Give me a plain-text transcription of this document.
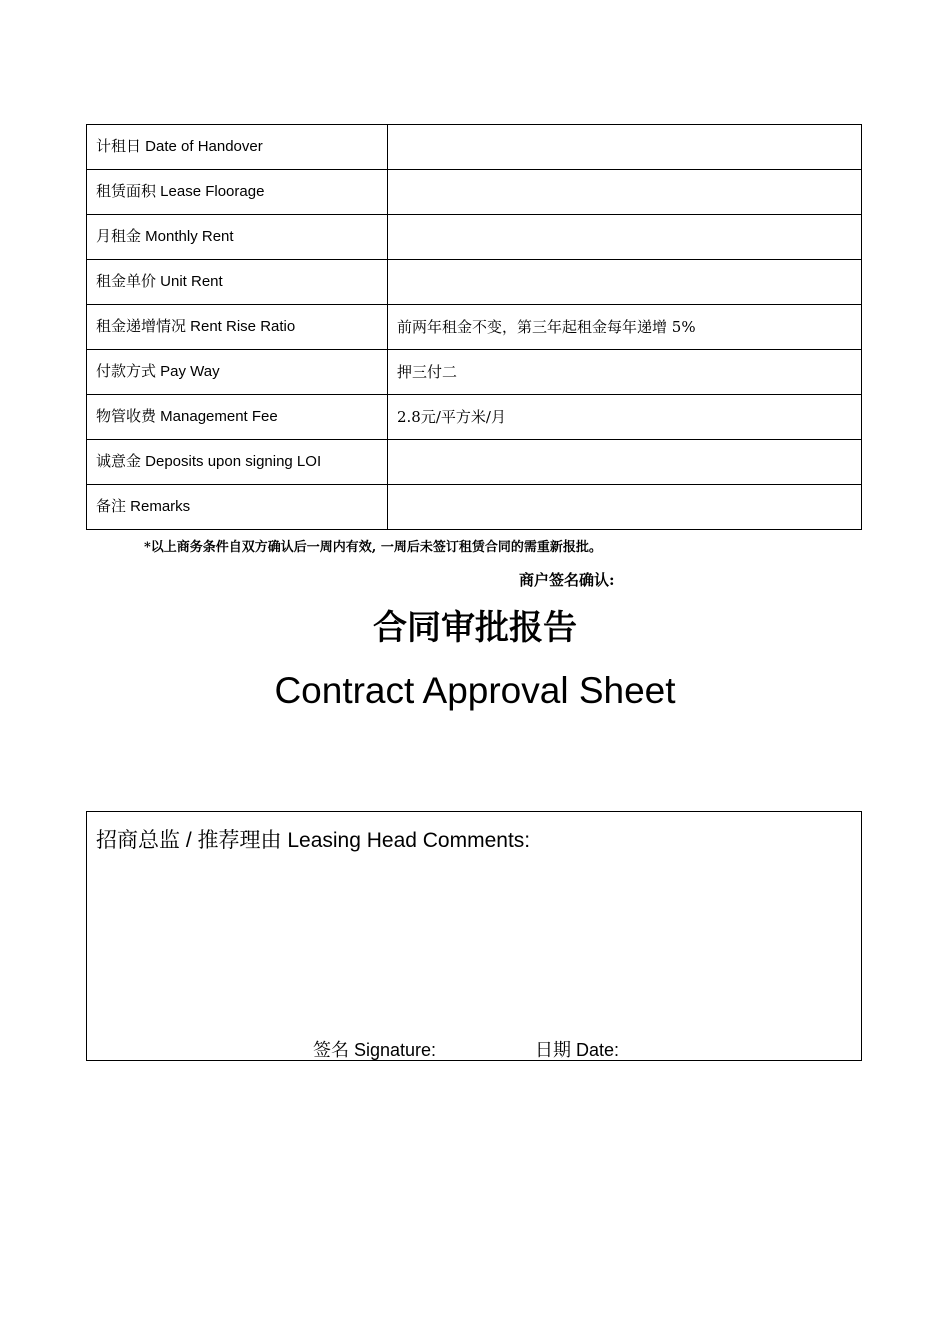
计租日 Date of Handover	
租赁面积 Lease Floorage	
月租金 Monthly Rent	
租金单价 Unit Rent	
租金递增情况 Rent Rise Ratio	前两年租金不变，第三年起租金每年递增 5%
付款方式 Pay Way	押三付二
物管收费 Management Fee	2.8元/平方米/月
诚意金 Deposits upon signing LOI	
备注 Remarks	
*以上商务条件自双方确认后一周内有效, 一周后未签订租赁合同的需重新报批。
商户签名确认:
合同审批报告
Contract Approval Sheet
招商总监 / 推荐理由 Leasing Head Comments:
签名 Signature:	日期 Date:
